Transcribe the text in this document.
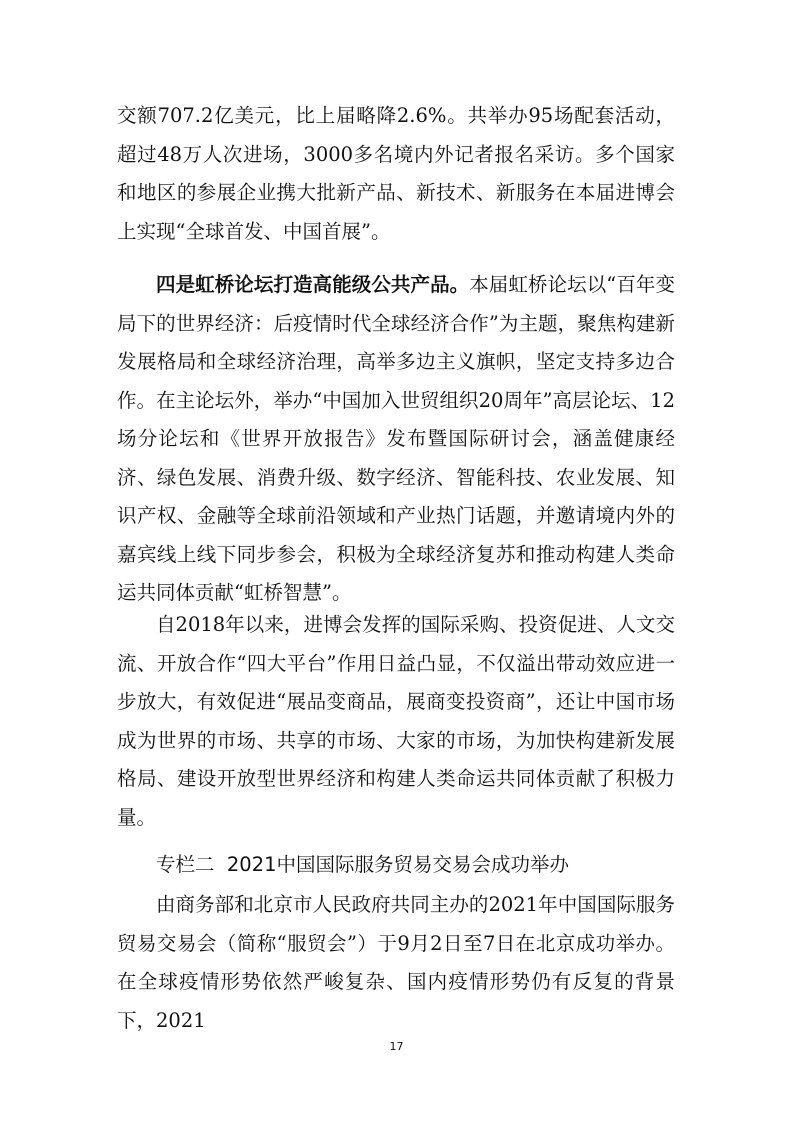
交额707.2亿美元，比上届略降2.6%。共举办95场配套活动，超过48万人次进场，3000多名境内外记者报名采访。多个国家和地区的参展企业携大批新产品、新技术、新服务在本届进博会上实现“全球首发、中国首展”。

四是虹桥论坛打造高能级公共产品。本届虹桥论坛以“百年变局下的世界经济：后疫情时代全球经济合作”为主题，聚焦构建新发展格局和全球经济治理，高举多边主义旗帜，坚定支持多边合作。在主论坛外，举办“中国加入世贸组织20周年”高层论坛、12场分论坛和《世界开放报告》发布暨国际研讨会，涵盖健康经济、绿色发展、消费升级、数字经济、智能科技、农业发展、知识产权、金融等全球前沿领域和产业热门话题，并邀请境内外的嘉宾线上线下同步参会，积极为全球经济复苏和推动构建人类命运共同体贡献“虹桥智慧”。

自2018年以来，进博会发挥的国际采购、投资促进、人文交流、开放合作“四大平台”作用日益凸显，不仅溢出带动效应进一步放大，有效促进“展品变商品，展商变投资商”，还让中国市场成为世界的市场、共享的市场、大家的市场，为加快构建新发展格局、建设开放型世界经济和构建人类命运共同体贡献了积极力量。

专栏二  2021中国国际服务贸易交易会成功举办

由商务部和北京市人民政府共同主办的2021年中国国际服务贸易交易会（简称“服贸会”）于9月2日至7日在北京成功举办。在全球疫情形势依然严峻复杂、国内疫情形势仍有反复的背景下，2021

17
